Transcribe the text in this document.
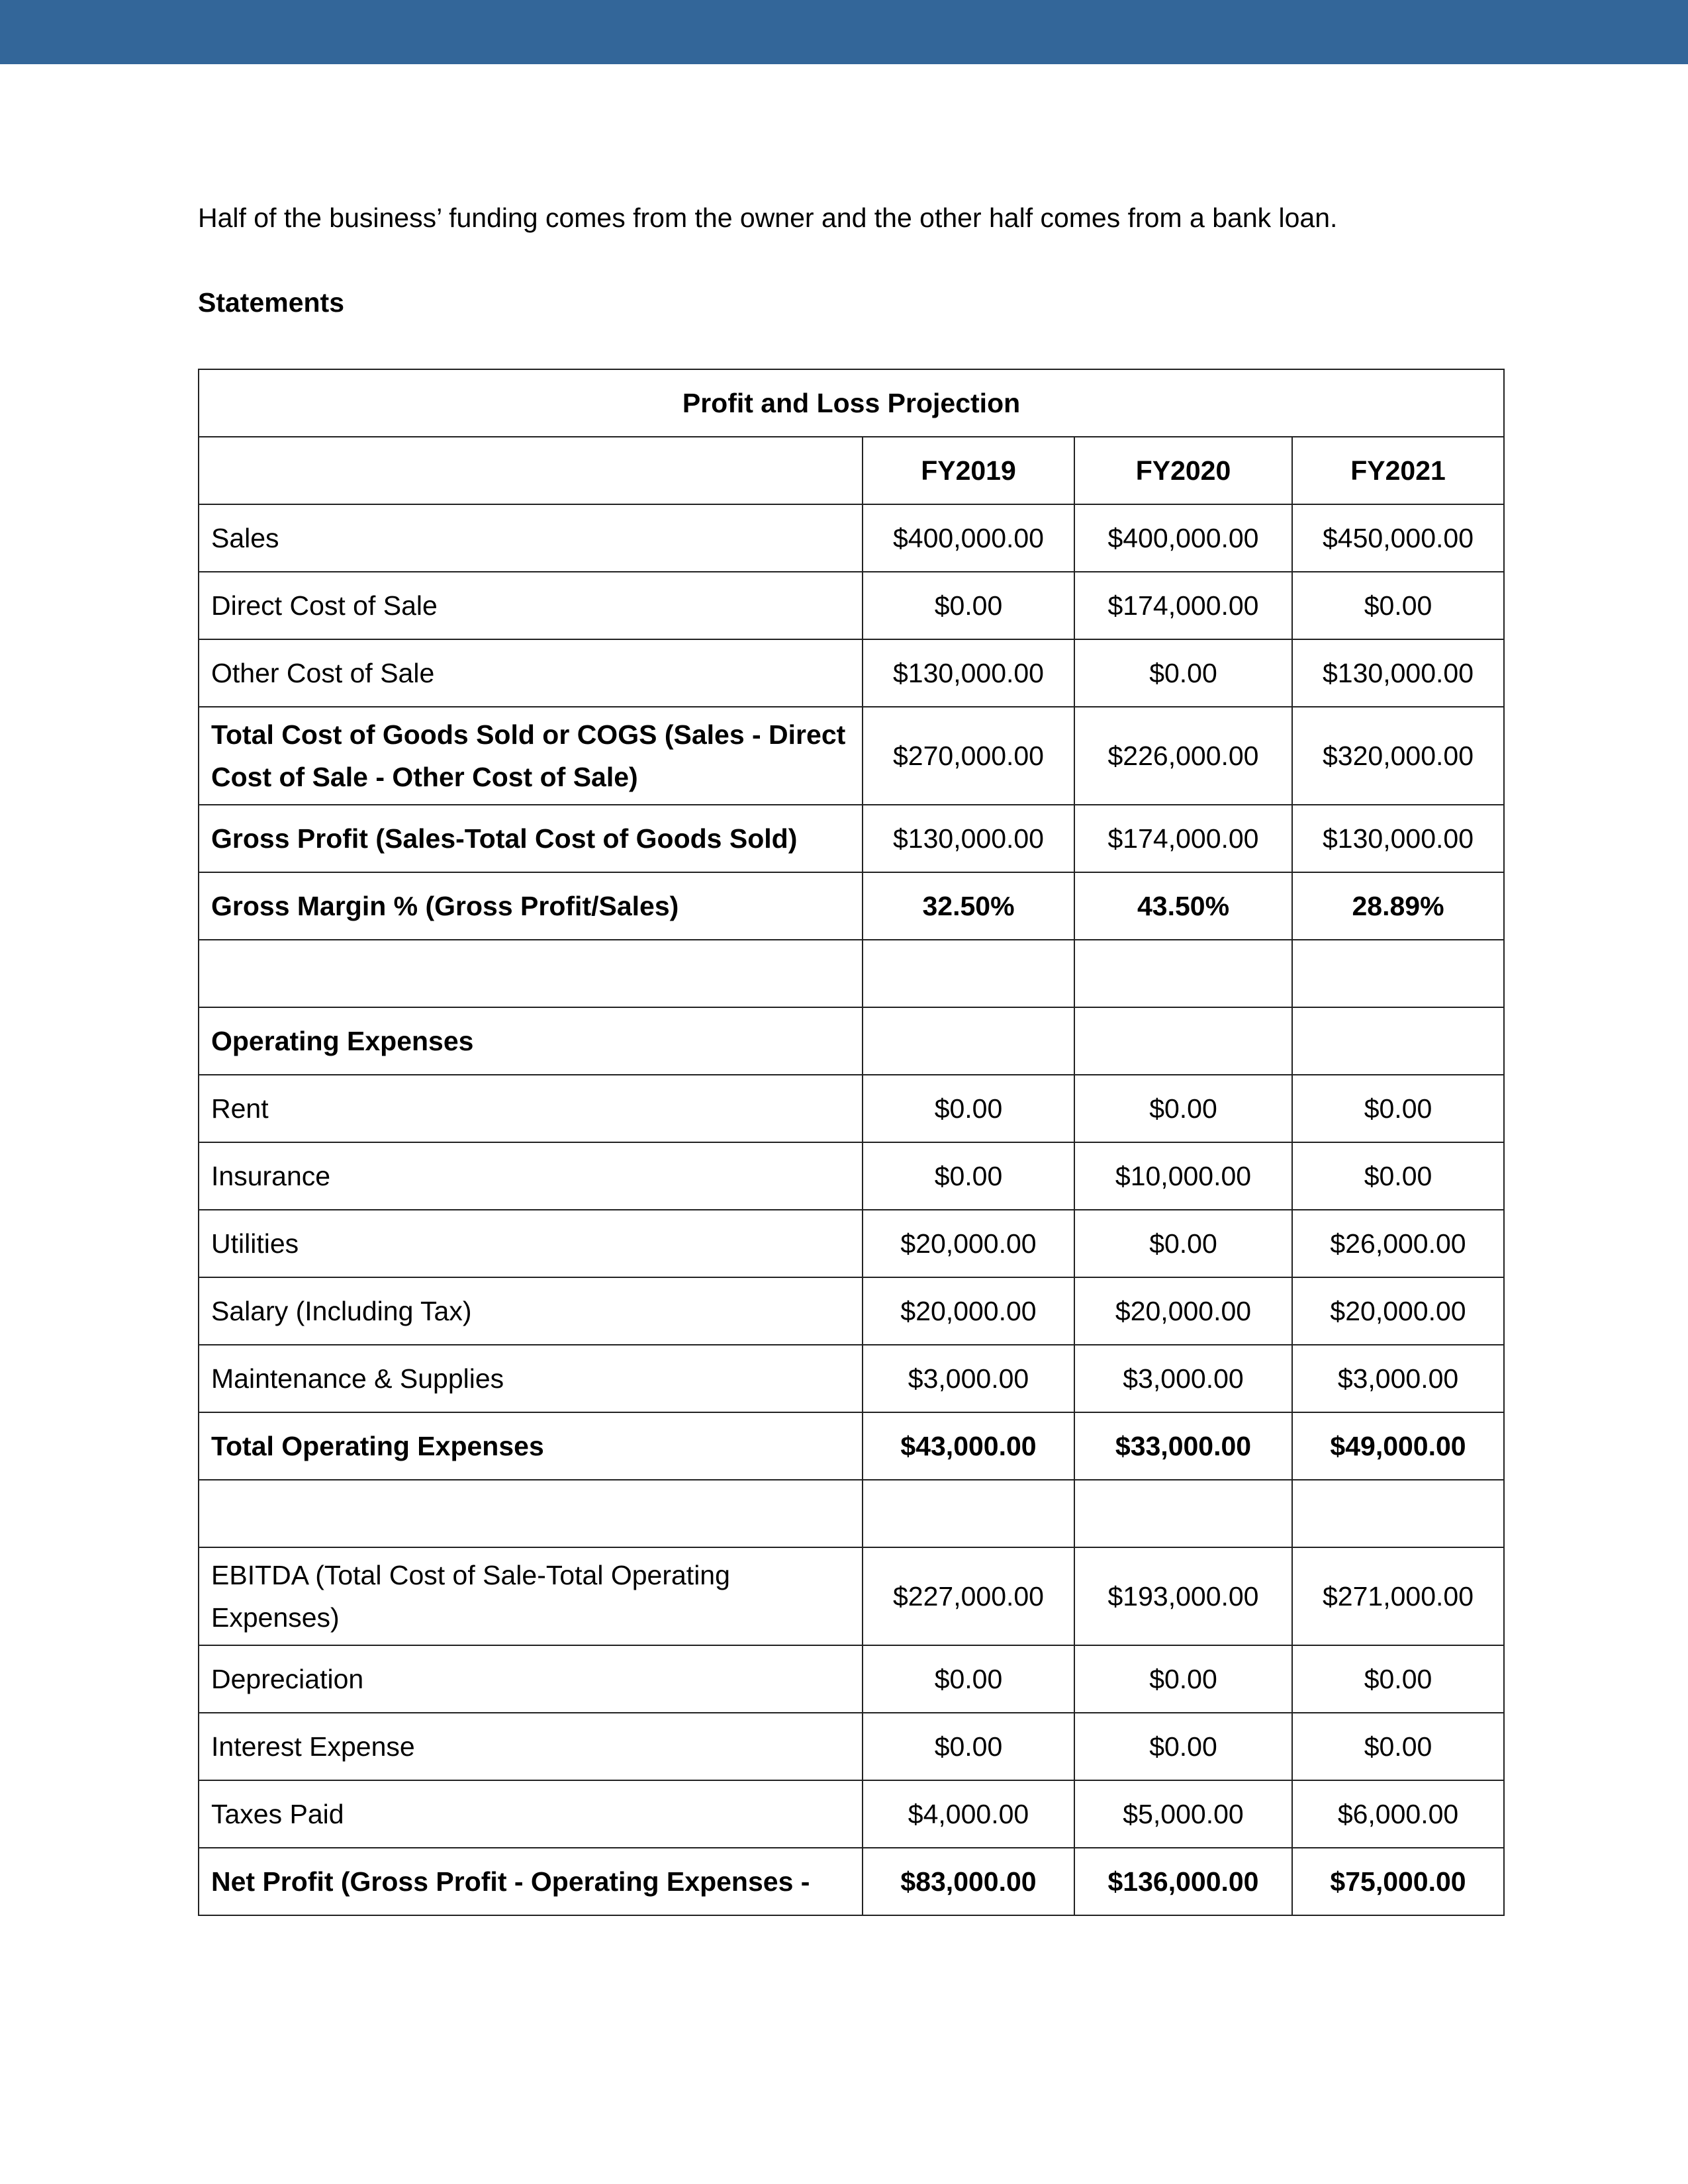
Half of the business’ funding comes from the owner and the other half comes from a bank loan.

Statements
Profit and Loss Projection			
	FY2019	FY2020	FY2021
Sales	$400,000.00	$400,000.00	$450,000.00
Direct Cost of Sale	$0.00	$174,000.00	$0.00
Other Cost of Sale	$130,000.00	$0.00	$130,000.00
Total Cost of Goods Sold or COGS (Sales - Direct Cost of Sale - Other Cost of Sale)	$270,000.00	$226,000.00	$320,000.00
Gross Profit (Sales-Total Cost of Goods Sold)	$130,000.00	$174,000.00	$130,000.00
Gross Margin % (Gross Profit/Sales)	32.50%	43.50%	28.89%

Operating Expenses			
Rent	$0.00	$0.00	$0.00
Insurance	$0.00	$10,000.00	$0.00
Utilities	$20,000.00	$0.00	$26,000.00
Salary (Including Tax)	$20,000.00	$20,000.00	$20,000.00
Maintenance & Supplies	$3,000.00	$3,000.00	$3,000.00
Total Operating Expenses	$43,000.00	$33,000.00	$49,000.00

EBITDA (Total Cost of Sale-Total Operating Expenses)	$227,000.00	$193,000.00	$271,000.00
Depreciation	$0.00	$0.00	$0.00
Interest Expense	$0.00	$0.00	$0.00
Taxes Paid	$4,000.00	$5,000.00	$6,000.00
Net Profit (Gross Profit - Operating Expenses -	$83,000.00	$136,000.00	$75,000.00
